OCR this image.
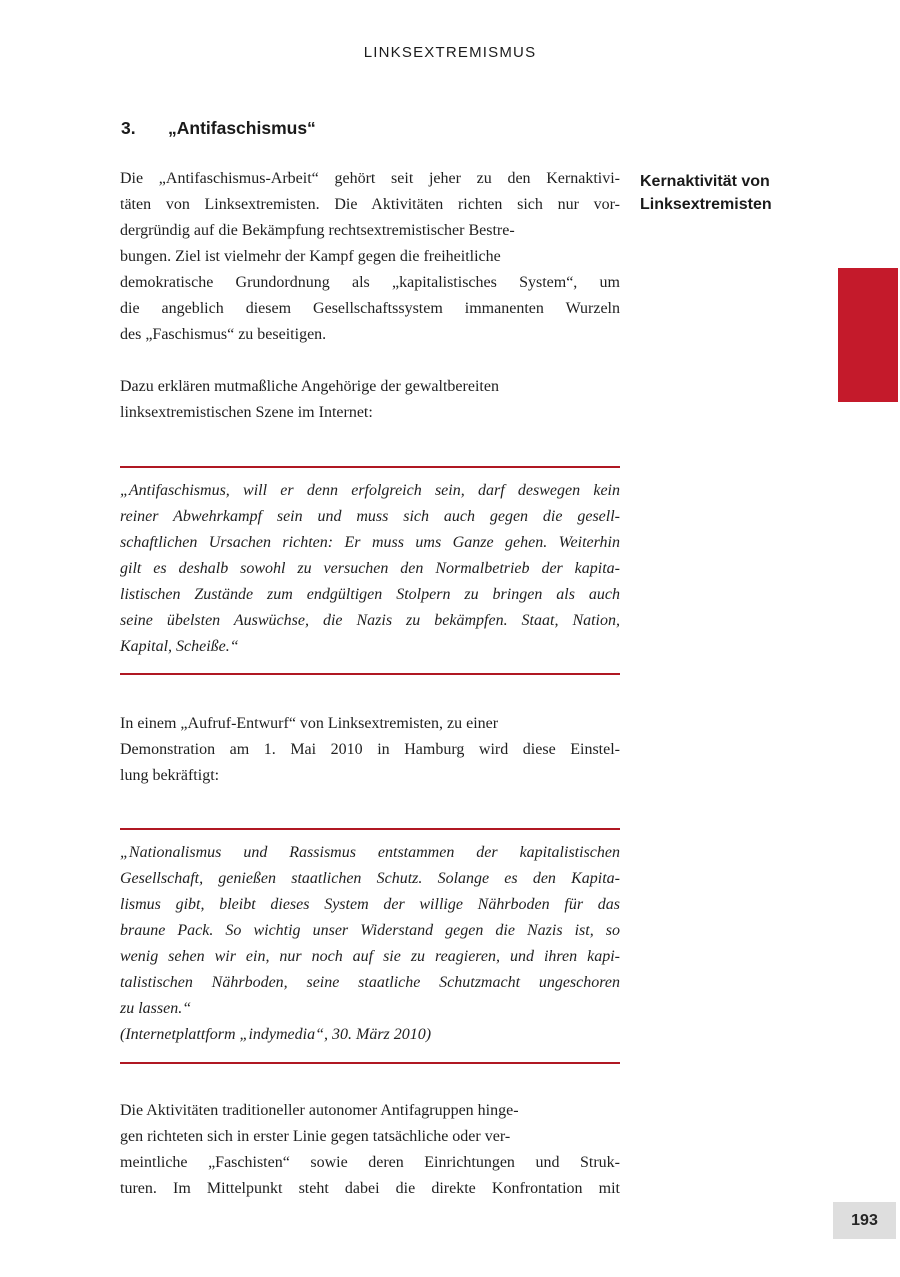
LINKSEXTREMISMUS
3.	„Antifaschismus“
Die „Antifaschismus-Arbeit“ gehört seit jeher zu den Kernaktivi-
täten von Linksextremisten. Die Aktivitäten richten sich nur vor-
dergründig auf die Bekämpfung rechtsextremistischer Bestre-
bungen. Ziel ist vielmehr der Kampf gegen die freiheitliche
demokratische Grundordnung als „kapitalistisches System“, um
die angeblich diesem Gesellschaftssystem immanenten Wurzeln
des „Faschismus“ zu beseitigen.
Dazu erklären mutmaßliche Angehörige der gewaltbereiten
linksextremistischen Szene im Internet:
„Antifaschismus, will er denn erfolgreich sein, darf deswegen kein
reiner Abwehrkampf sein und muss sich auch gegen die gesell-
schaftlichen Ursachen richten: Er muss ums Ganze gehen. Weiterhin
gilt es deshalb sowohl zu versuchen den Normalbetrieb der kapita-
listischen Zustände zum endgültigen Stolpern zu bringen als auch
seine übelsten Auswüchse, die Nazis zu bekämpfen. Staat, Nation,
Kapital, Scheiße.“
In einem „Aufruf-Entwurf“ von Linksextremisten, zu einer
Demonstration am 1. Mai 2010 in Hamburg wird diese Einstel-
lung bekräftigt:
„Nationalismus und Rassismus entstammen der kapitalistischen
Gesellschaft, genießen staatlichen Schutz. Solange es den Kapita-
lismus gibt, bleibt dieses System der willige Nährboden für das
braune Pack. So wichtig unser Widerstand gegen die Nazis ist, so
wenig sehen wir ein, nur noch auf sie zu reagieren, und ihren kapi-
talistischen Nährboden, seine staatliche Schutzmacht ungeschoren
zu lassen.“
(Internetplattform „indymedia“, 30. März 2010)
Die Aktivitäten traditioneller autonomer Antifagruppen hinge-
gen richteten sich in erster Linie gegen tatsächliche oder ver-
meintliche „Faschisten“ sowie deren Einrichtungen und Struk-
turen. Im Mittelpunkt steht dabei die direkte Konfrontation mit
Kernaktivität von
Linksextremisten
193
